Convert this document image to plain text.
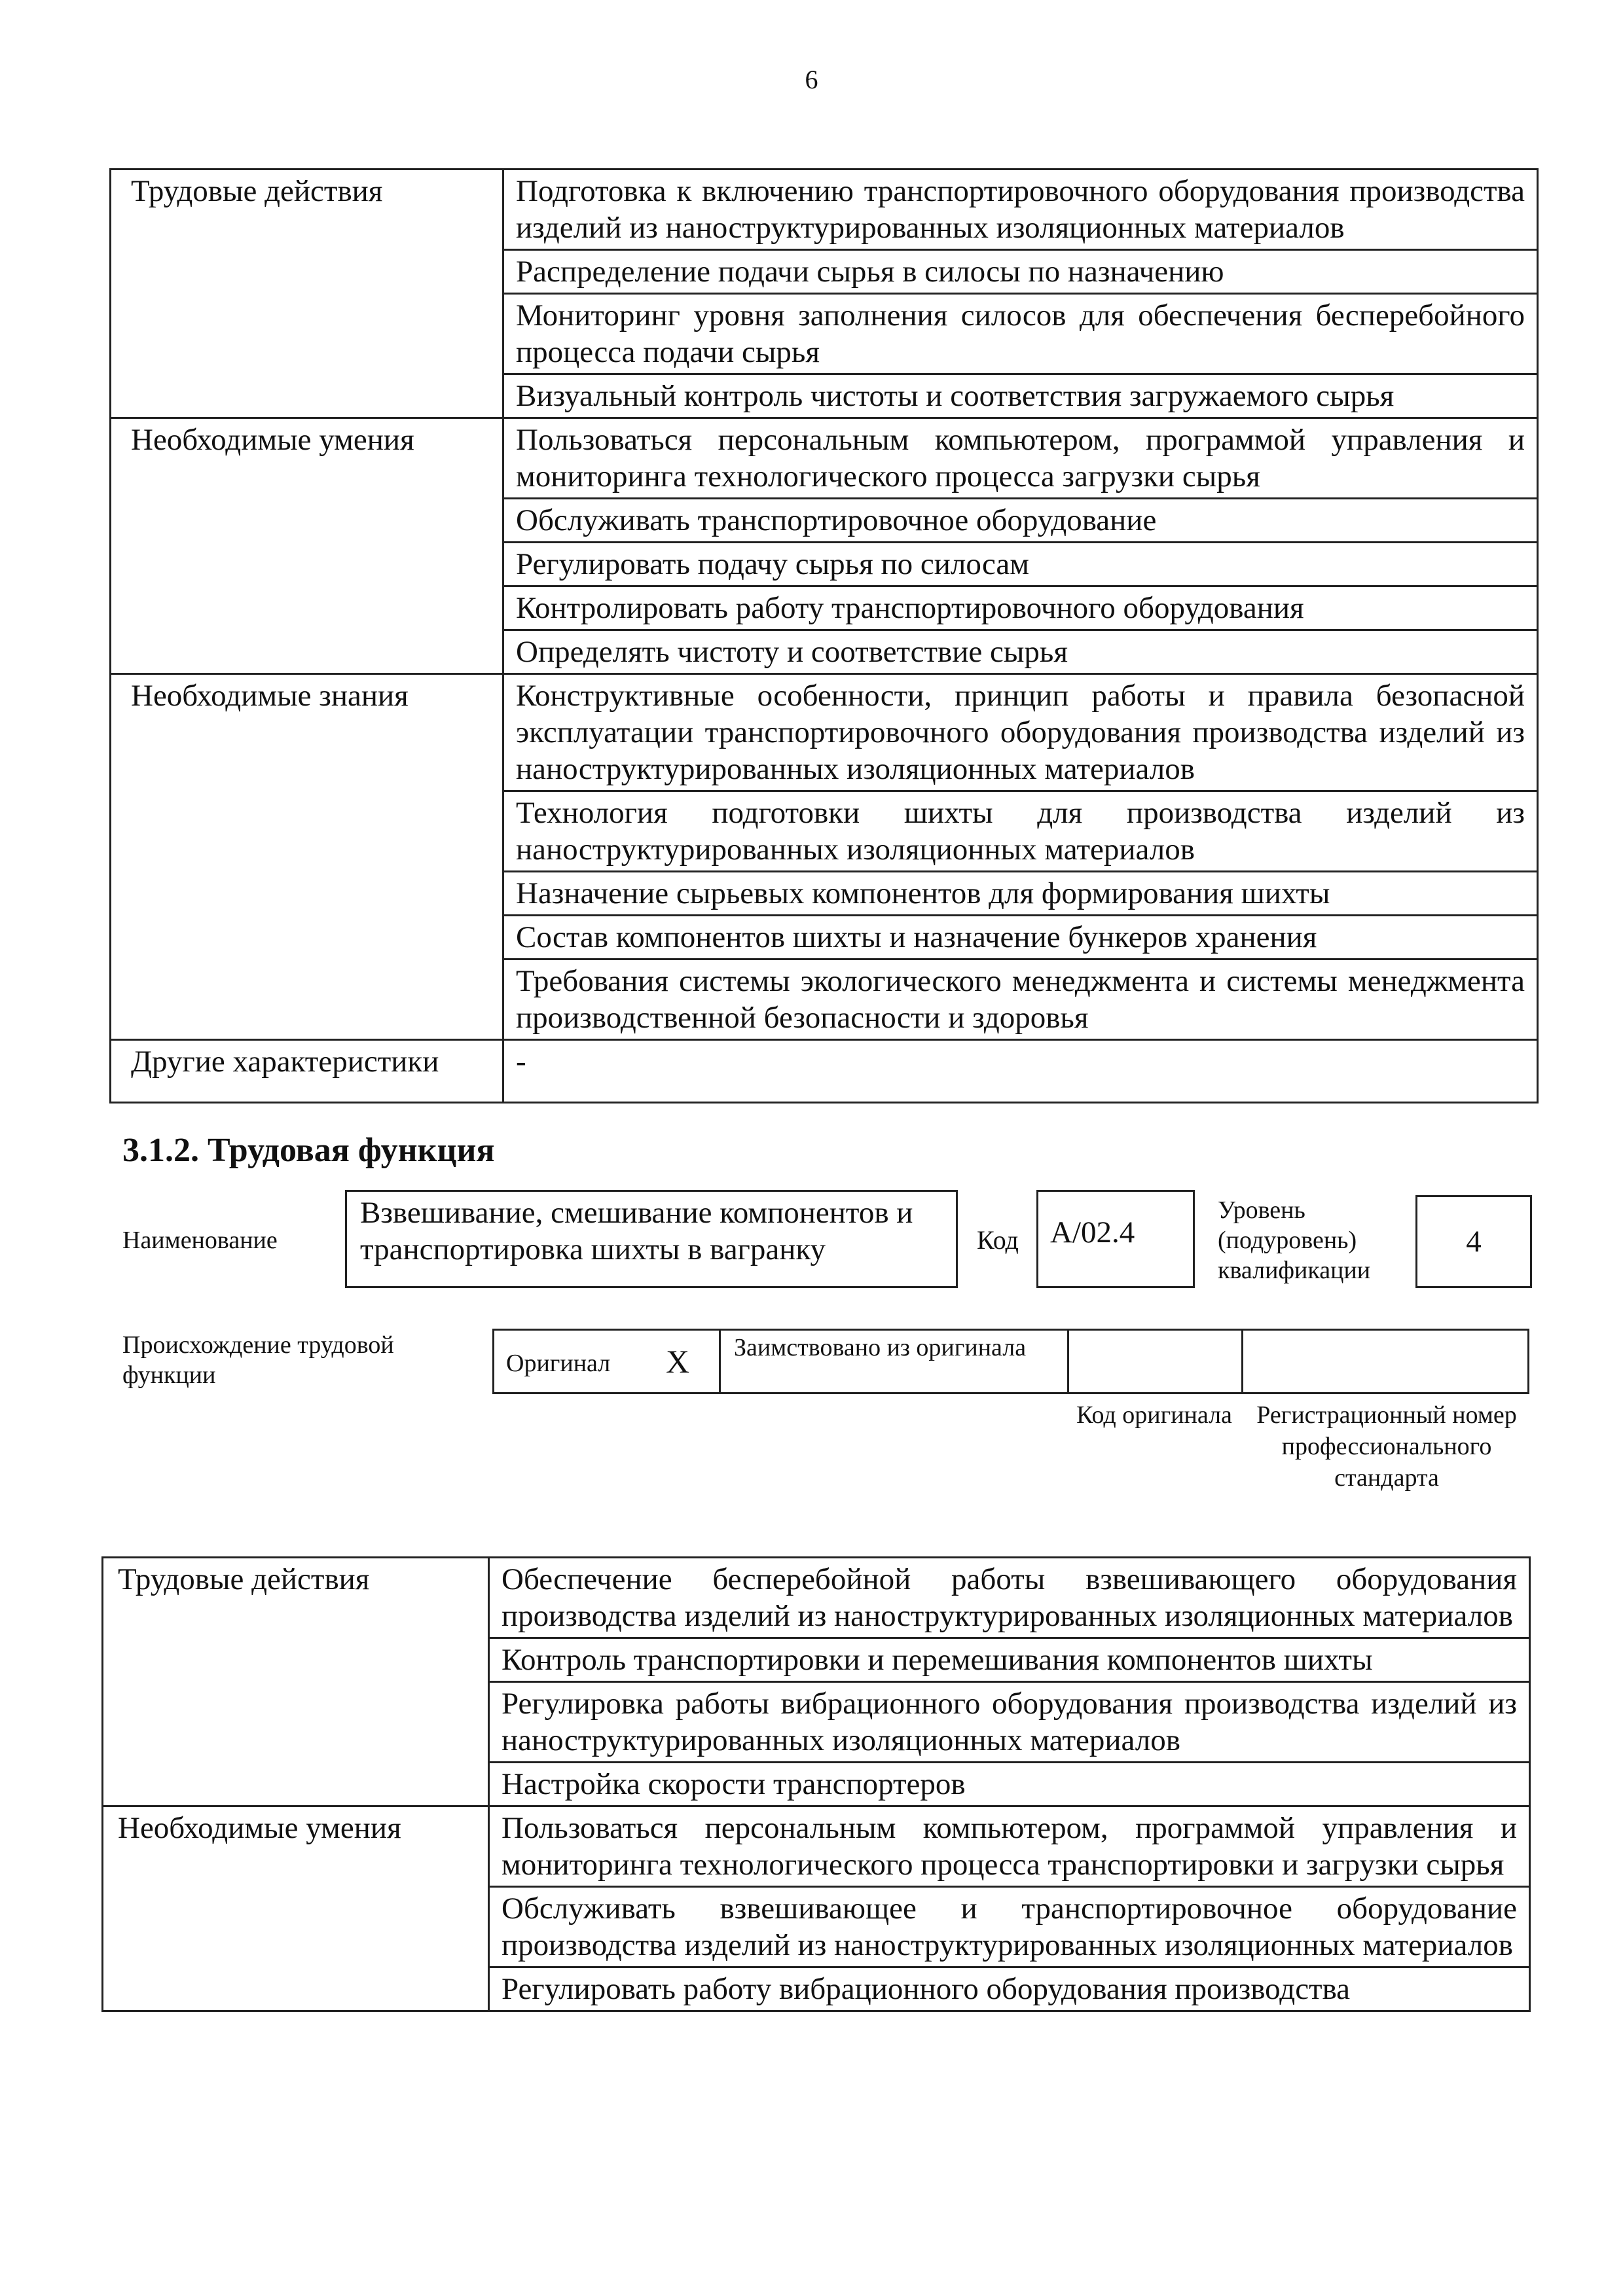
6
Трудовые действия	Подготовка к включению транспортировочного оборудования производства изделий из наноструктурированных изоляционных материалов
	Распределение подачи сырья в силосы по назначению
	Мониторинг уровня заполнения силосов для обеспечения бесперебойного процесса подачи сырья
	Визуальный контроль чистоты и соответствия загружаемого сырья
Необходимые умения	Пользоваться персональным компьютером, программой управления и мониторинга технологического процесса загрузки сырья
	Обслуживать транспортировочное оборудование
	Регулировать подачу сырья по силосам
	Контролировать работу транспортировочного оборудования
	Определять чистоту и соответствие сырья
Необходимые знания	Конструктивные особенности, принцип работы и правила безопасной эксплуатации транспортировочного оборудования производства изделий из наноструктурированных изоляционных материалов
	Технология подготовки шихты для производства изделий из наноструктурированных изоляционных материалов
	Назначение сырьевых компонентов для формирования шихты
	Состав компонентов шихты и назначение бункеров хранения
	Требования системы экологического менеджмента и системы менеджмента производственной безопасности и здоровья
Другие характеристики	-
3.1.2. Трудовая функция
Наименование
Взвешивание, смешивание компонентов и транспортировка шихты в вагранку	Код А/02.4
Уровень (подуровень) квалификации
4
Происхождение трудовой функции	Оригинал X Заимствовано из оригинала
Код оригинала Регистрационный номер профессионального стандарта
Трудовые действия	Обеспечение бесперебойной работы взвешивающего оборудования производства изделий из наноструктурированных изоляционных материалов
	Контроль транспортировки и перемешивания компонентов шихты
	Регулировка работы вибрационного оборудования производства изделий из наноструктурированных изоляционных материалов
	Настройка скорости транспортеров
Необходимые умения	Пользоваться персональным компьютером, программой управления и мониторинга технологического процесса транспортировки и загрузки сырья
	Обслуживать взвешивающее и транспортировочное оборудование производства изделий из наноструктурированных изоляционных материалов
	Регулировать работу вибрационного оборудования производства
